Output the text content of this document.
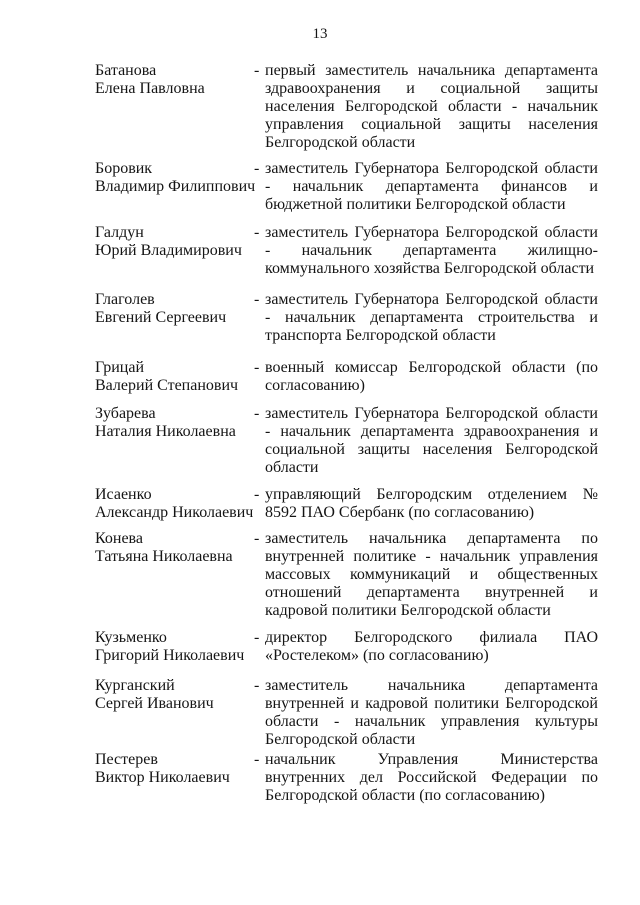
13
Батанова
Елена Павловна
- первый заместитель начальника департамента здравоохранения и социальной защиты населения Белгородской области - начальник управления социальной защиты населения Белгородской области
Боровик
Владимир Филиппович
- заместитель Губернатора Белгородской области - начальник департамента финансов и бюджетной политики Белгородской области
Галдун
Юрий Владимирович
- заместитель Губернатора Белгородской области - начальник департамента жилищно-коммунального хозяйства Белгородской области
Глаголев
Евгений Сергеевич
- заместитель Губернатора Белгородской области - начальник департамента строительства и транспорта Белгородской области
Грицай
Валерий Степанович
- военный комиссар Белгородской области (по согласованию)
Зубарева
Наталия Николаевна
- заместитель Губернатора Белгородской области - начальник департамента здравоохранения и социальной защиты населения Белгородской области
Исаенко
Александр Николаевич
- управляющий Белгородским отделением № 8592 ПАО Сбербанк (по согласованию)
Конева
Татьяна Николаевна
- заместитель начальника департамента по внутренней политике - начальник управления массовых коммуникаций и общественных отношений департамента внутренней и кадровой политики Белгородской области
Кузьменко
Григорий Николаевич
- директор Белгородского филиала ПАО «Ростелеком» (по согласованию)
Курганский
Сергей Иванович
- заместитель начальника департамента внутренней и кадровой политики Белгородской области - начальник управления культуры Белгородской области
Пестерев
Виктор Николаевич
- начальник Управления Министерства внутренних дел Российской Федерации по Белгородской области (по согласованию)
